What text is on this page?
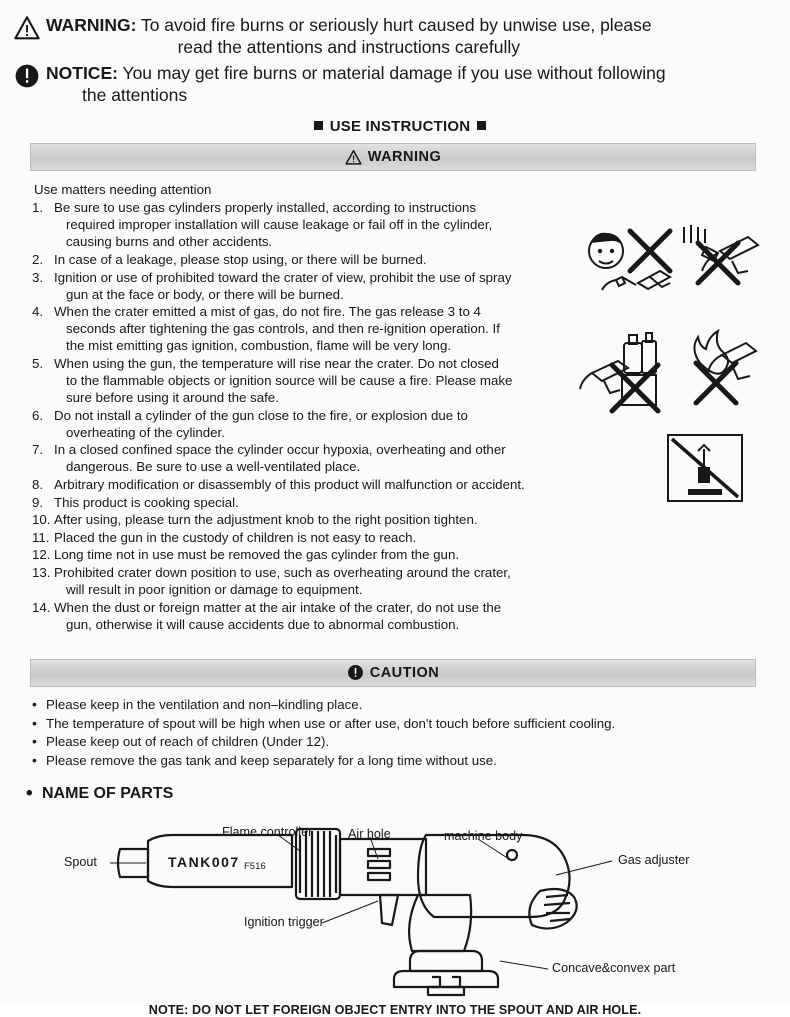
WARNING: To avoid fire burns or seriously hurt caused by unwise use, please
read the attentions and instructions carefully
NOTICE: You may get fire burns or material damage if you use without following
the attentions
USE INSTRUCTION
WARNING
Use matters needing attention
1. Be sure to use gas cylinders properly installed, according to instructions
required improper installation will cause leakage or fail off in the cylinder,
causing burns and other accidents.
2. In case of a leakage, please stop using, or there will be burned.
3. Ignition or use of prohibited toward the crater of view, prohibit the use of spray
gun at the face or body, or there will be burned.
4. When the crater emitted a mist of gas, do not fire. The gas release 3 to 4
seconds after tightening the gas controls, and then re-ignition operation. If
the mist emitting gas ignition, combustion, flame will be very long.
5. When using the gun, the temperature will rise near the crater. Do not closed
to the flammable objects or ignition source will be cause a fire. Please make
sure before using it around the safe.
6. Do not install a cylinder of the gun close to the fire, or explosion due to
overheating of the cylinder.
7. In a closed confined space the cylinder occur hypoxia, overheating and other
dangerous. Be sure to use a well-ventilated place.
8. Arbitrary modification or disassembly of this product will malfunction or accident.
9. This product is cooking special.
10. After using, please turn the adjustment knob to the right position tighten.
11. Placed the gun in the custody of children is not easy to reach.
12. Long time not in use must be removed the gas cylinder from the gun.
13. Prohibited crater down position to use, such as overheating around the crater,
will result in poor ignition or damage to equipment.
14. When the dust or foreign matter at the air intake of the crater, do not use the
gun, otherwise it will cause accidents due to abnormal combustion.
CAUTION
• Please keep in the ventilation and non–kindling place.
• The temperature of spout will be high when use or after use, don't touch before sufficient cooling.
• Please keep out of reach of children (Under 12).
• Please remove the gas tank and keep separately for a long time without use.
• NAME OF PARTS
TANK007 F516
Spout
Flame controller	Air hole	machine body
Gas adjuster
Ignition trigger
Concave&convex part
NOTE: DO NOT LET FOREIGN OBJECT ENTRY INTO THE SPOUT AND AIR HOLE.
